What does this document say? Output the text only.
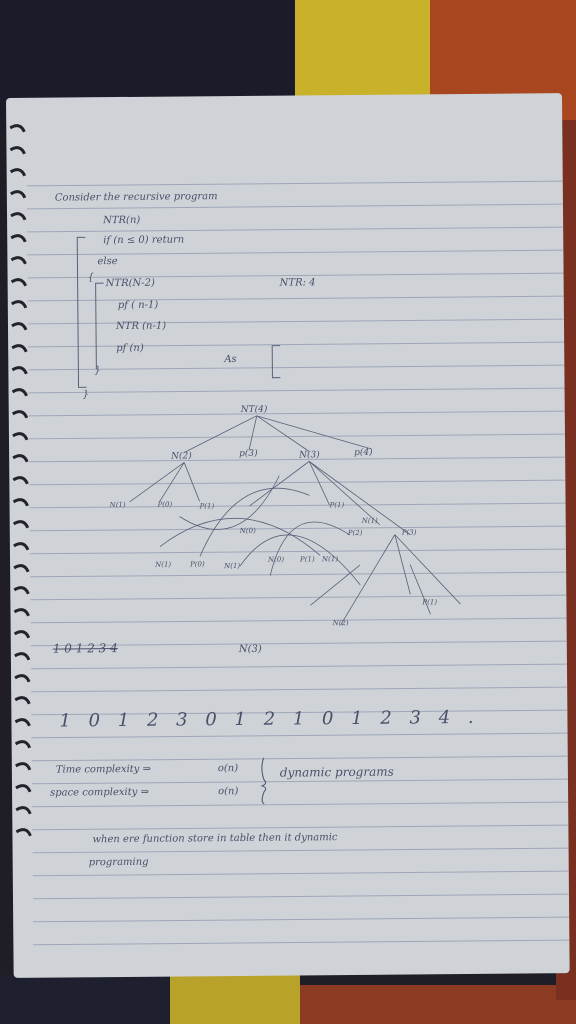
Consider the recursive program
NTR(n)
if (n ≤ 0) return
else
{ NTR(N-2)
pf ( n-1)
NTR (n-1)
pf (n)
}
}
NTR: 4
As
NT(4)
N(2)	p(3)	N(3)	p(4)
N(1)	P(0)	P(1)
N(0)
P(1)
N(1)
P(3)
P(2)
N(1)	P(0)	N(1)
N(0) P(1) N(1)
N(2)
P(1)
1 0 1 2 3 4	N(3)
1 0 1 2 3 0 1 2 1 0 1 2 3 4 .
Time complexity ⇒	o(n)
space complexity ⇒	o(n)
dynamic programs
when ere function store in table then it dynamic
programing
